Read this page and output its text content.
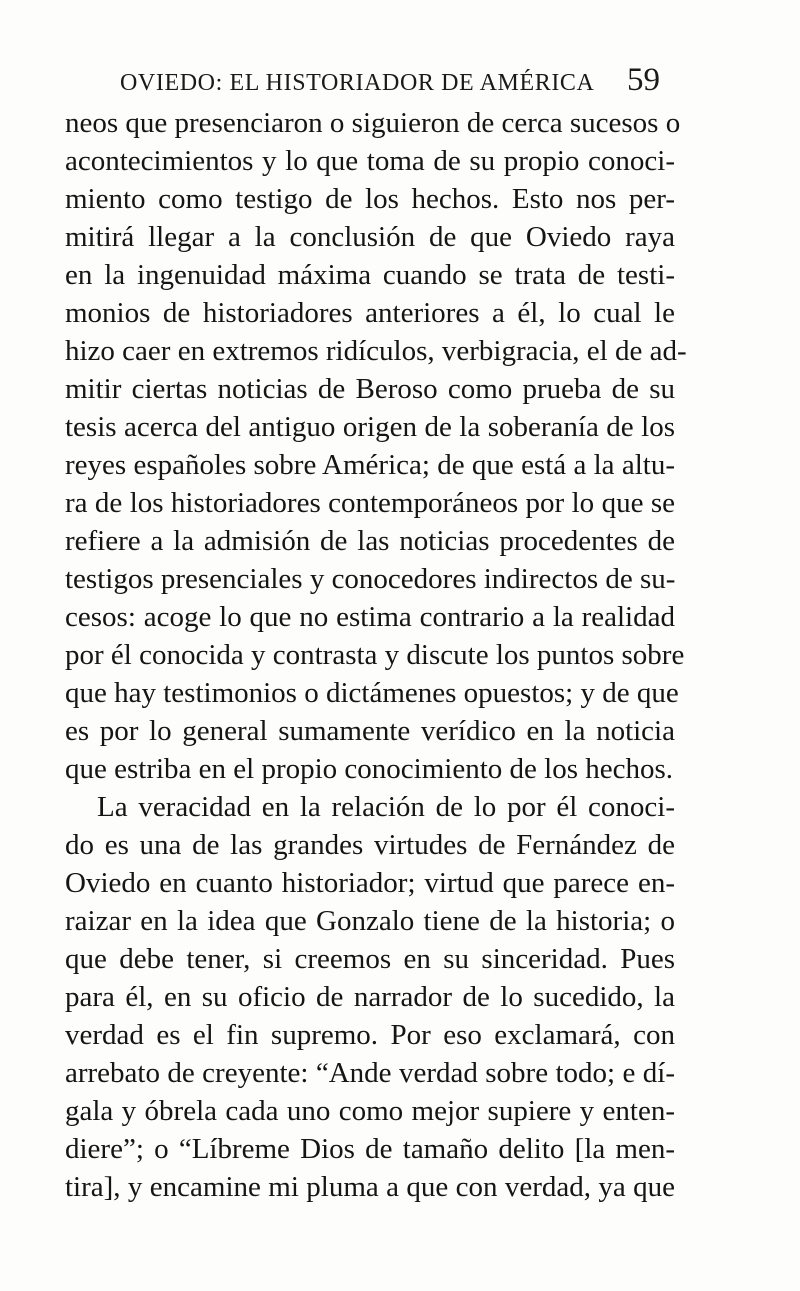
OVIEDO: EL HISTORIADOR DE AMÉRICA 59
neos que presenciaron o siguieron de cerca sucesos o
acontecimientos y lo que toma de su propio conoci-
miento como testigo de los hechos. Esto nos per-
mitirá llegar a la conclusión de que Oviedo raya
en la ingenuidad máxima cuando se trata de testi-
monios de historiadores anteriores a él, lo cual le
hizo caer en extremos ridículos, verbigracia, el de ad-
mitir ciertas noticias de Beroso como prueba de su
tesis acerca del antiguo origen de la soberanía de los
reyes españoles sobre América; de que está a la altu-
ra de los historiadores contemporáneos por lo que se
refiere a la admisión de las noticias procedentes de
testigos presenciales y conocedores indirectos de su-
cesos: acoge lo que no estima contrario a la realidad
por él conocida y contrasta y discute los puntos sobre
que hay testimonios o dictámenes opuestos; y de que
es por lo general sumamente verídico en la noticia
que estriba en el propio conocimiento de los hechos.
La veracidad en la relación de lo por él conoci-
do es una de las grandes virtudes de Fernández de
Oviedo en cuanto historiador; virtud que parece en-
raizar en la idea que Gonzalo tiene de la historia; o
que debe tener, si creemos en su sinceridad. Pues
para él, en su oficio de narrador de lo sucedido, la
verdad es el fin supremo. Por eso exclamará, con
arrebato de creyente: “Ande verdad sobre todo; e dí-
gala y óbrela cada uno como mejor supiere y enten-
diere”; o “Líbreme Dios de tamaño delito [la men-
tira], y encamine mi pluma a que con verdad, ya que
